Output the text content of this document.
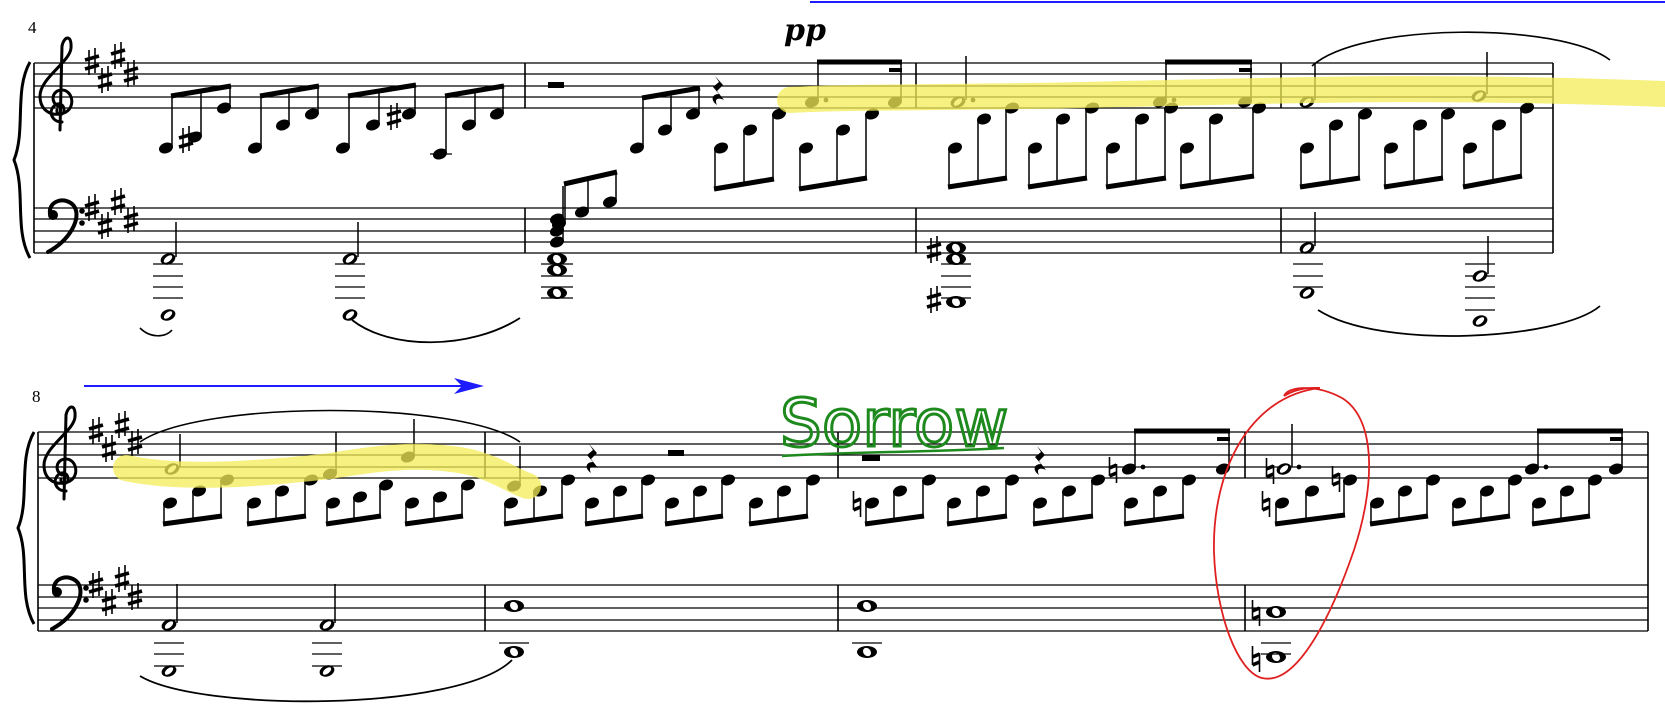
4	pp
8	Sorrow
